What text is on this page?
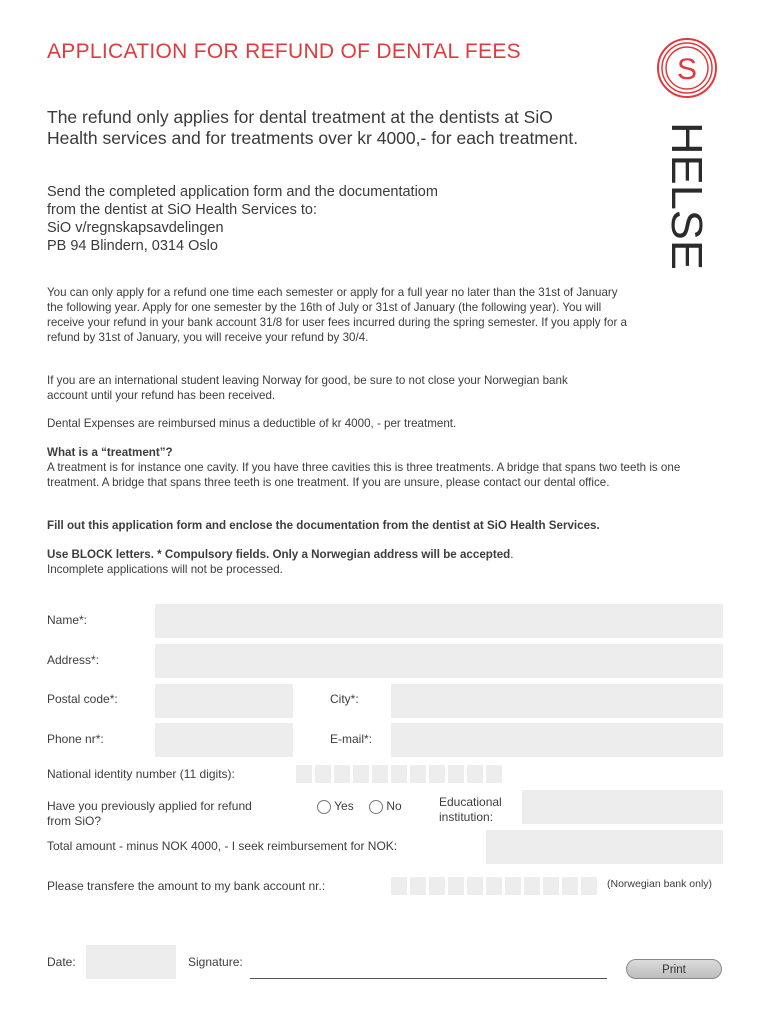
APPLICATION FOR REFUND OF DENTAL FEES
S
HELSE
The refund only applies for dental treatment at the dentists at SiO Health services and for treatments over kr 4000,- for each treatment.
Send the completed application form and the documentatiom
from the dentist at SiO Health Services to:
SiO v/regnskapsavdelingen
PB 94 Blindern, 0314 Oslo
You can only apply for a refund one time each semester or apply for a full year no later than the 31st of January the following year. Apply for one semester by the 16th of July or 31st of January (the following year). You will receive your refund in your bank account 31/8 for user fees incurred during the spring semester. If you apply for a refund by 31st of January, you will receive your refund by 30/4.
If you are an international student leaving Norway for good, be sure to not close your Norwegian bank account until your refund has been received.
Dental Expenses are reimbursed minus a deductible of kr 4000, - per treatment.
What is a “treatment”?
A treatment is for instance one cavity. If you have three cavities this is three treatments. A bridge that spans two teeth is one treatment. A bridge that spans three teeth is one treatment. If you are unsure, please contact our dental office.
Fill out this application form and enclose the documentation from the dentist at SiO Health Services.
Use BLOCK letters. * Compulsory fields. Only a Norwegian address will be accepted.
Incomplete applications will not be processed.
Name*:
Address*:
Postal code*:	City*:
Phone nr*:	E-mail*:
National identity number (11 digits):
Have you previously applied for refund
from SiO?
Yes	No	Educational
institution:
Total amount - minus NOK 4000, - I seek reimbursement for NOK:
Please transfere the amount to my bank account nr.:	(Norwegian bank only)
Date:	Signature:
Print
